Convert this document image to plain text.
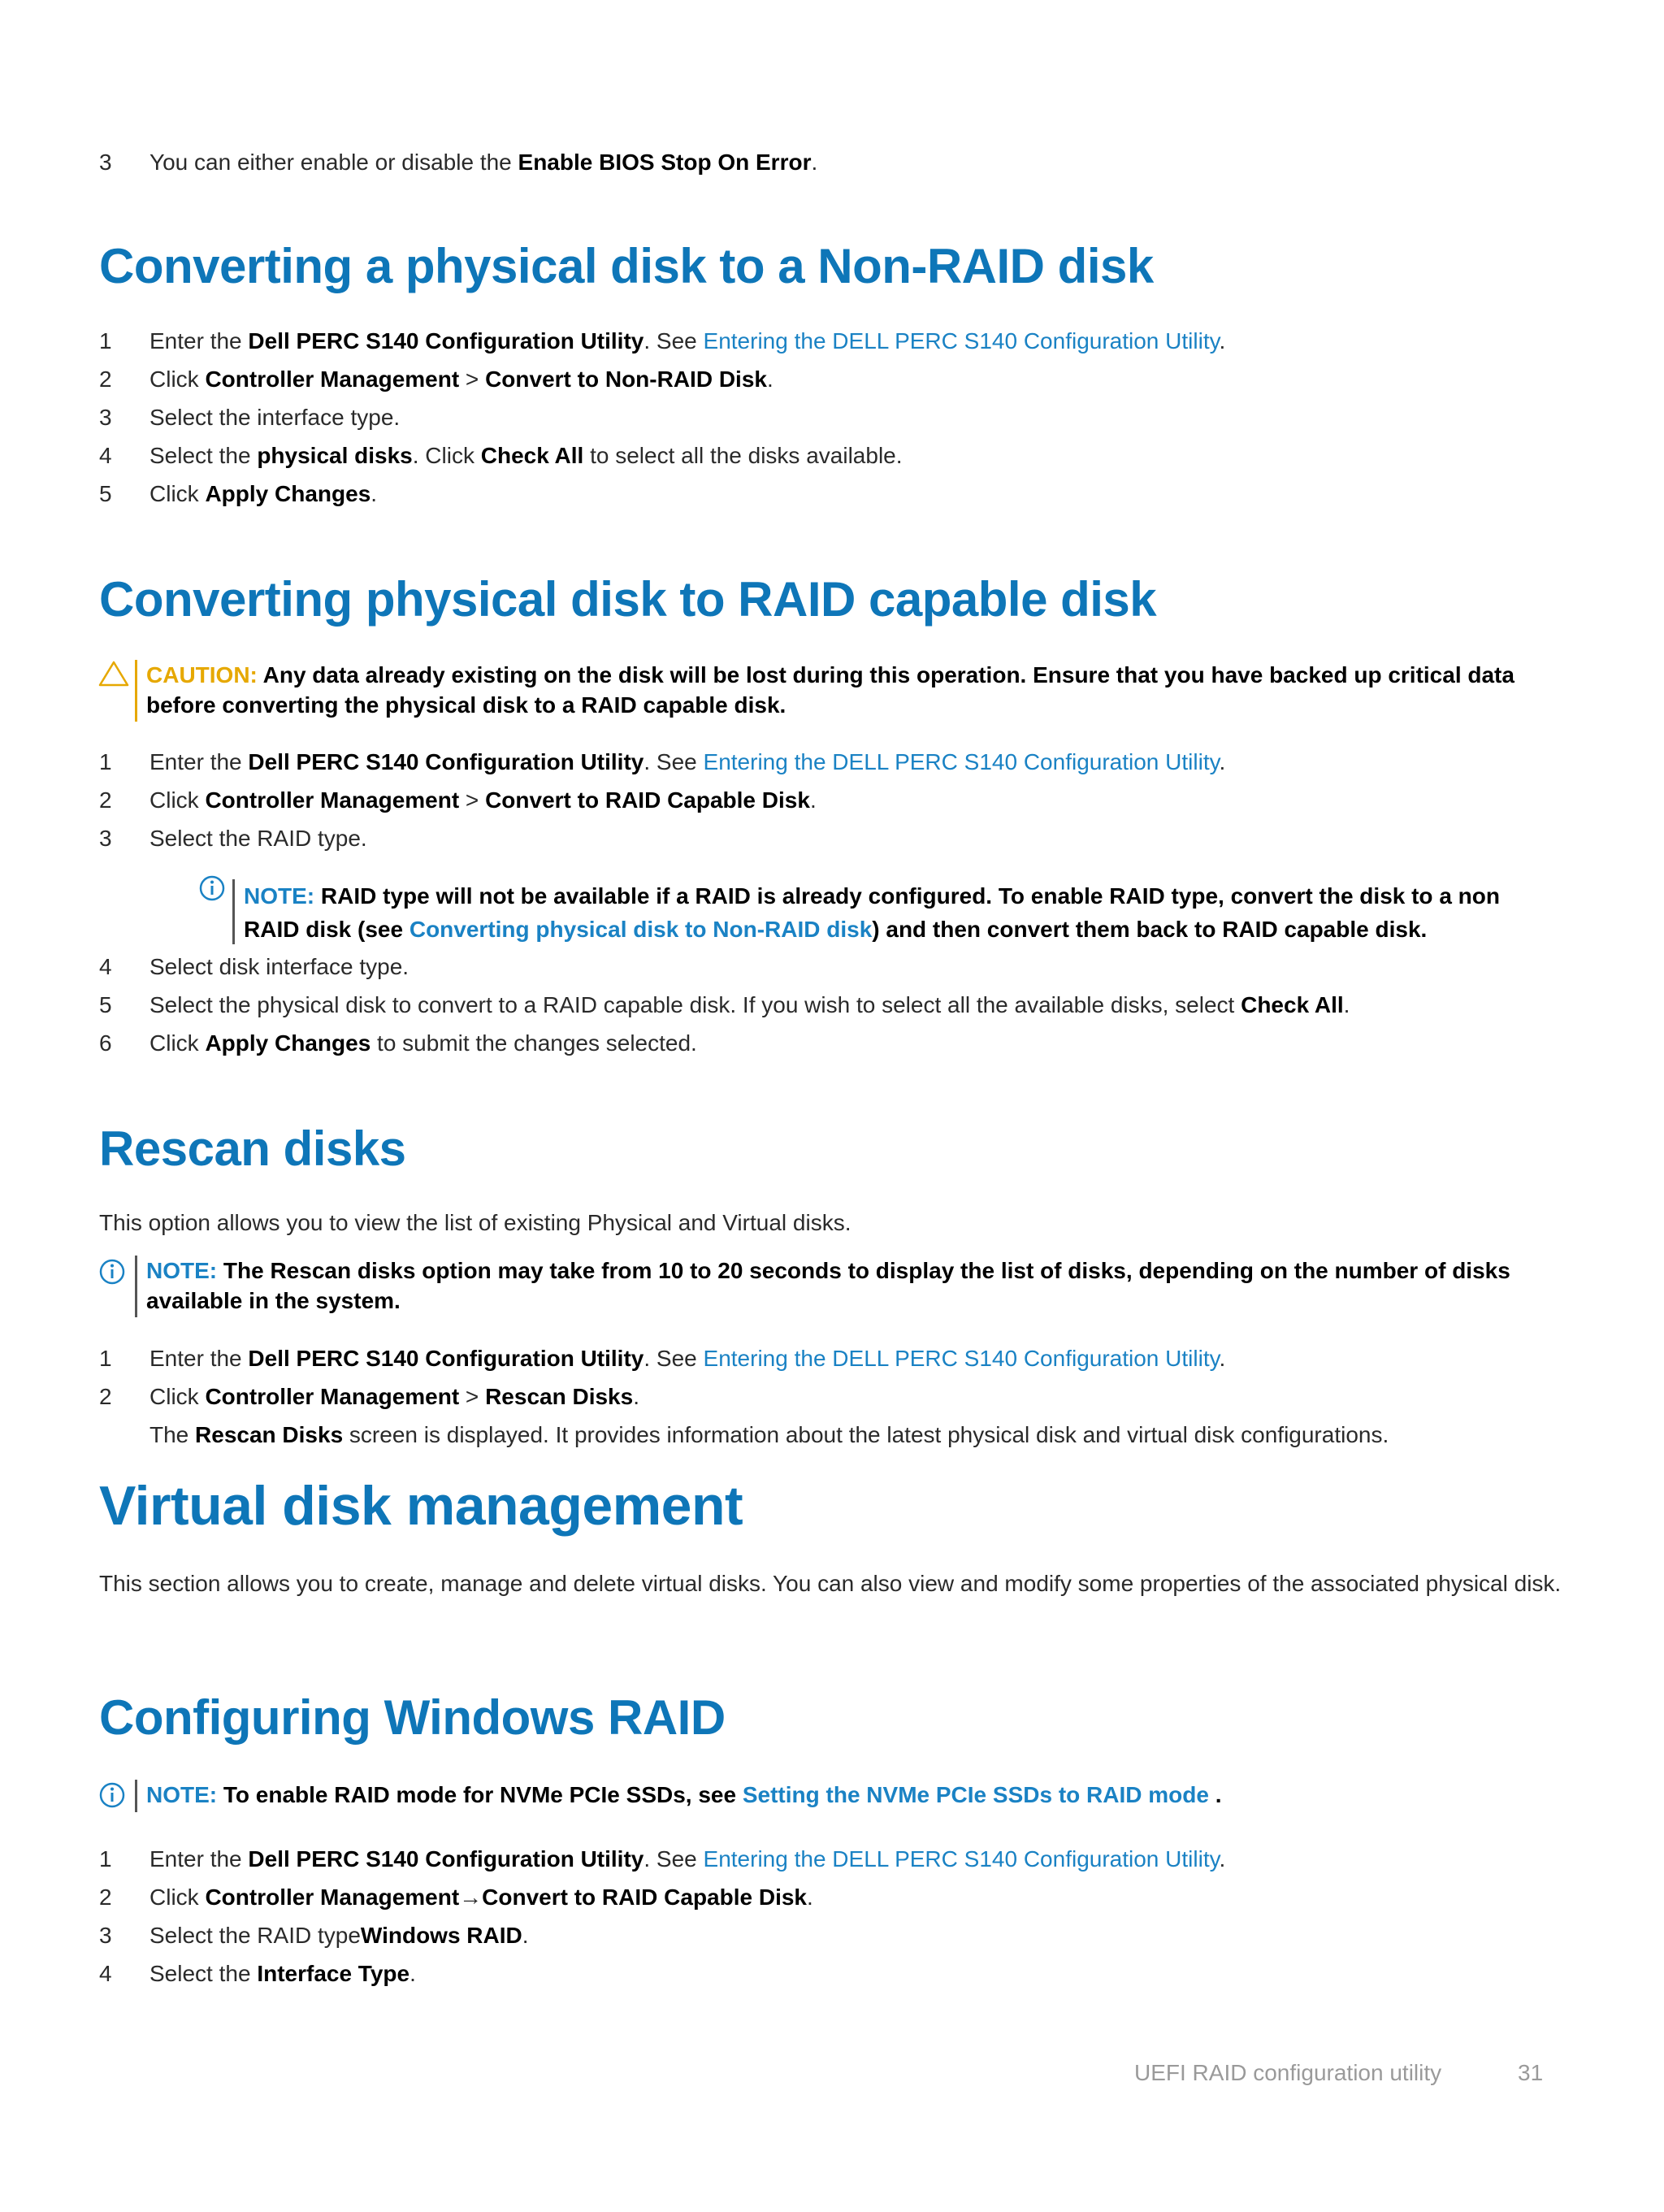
3 You can either enable or disable the Enable BIOS Stop On Error.
Converting a physical disk to a Non-RAID disk
1 Enter the Dell PERC S140 Configuration Utility. See Entering the DELL PERC S140 Configuration Utility.
2 Click Controller Management > Convert to Non-RAID Disk.
3 Select the interface type.
4 Select the physical disks. Click Check All to select all the disks available.
5 Click Apply Changes.
Converting physical disk to RAID capable disk
CAUTION: Any data already existing on the disk will be lost during this operation. Ensure that you have backed up critical data
before converting the physical disk to a RAID capable disk.
1 Enter the Dell PERC S140 Configuration Utility. See Entering the DELL PERC S140 Configuration Utility.
2 Click Controller Management > Convert to RAID Capable Disk.
3 Select the RAID type.
NOTE: RAID type will not be available if a RAID is already configured. To enable RAID type, convert the disk to a non
RAID disk (see Converting physical disk to Non-RAID disk) and then convert them back to RAID capable disk.
4 Select disk interface type.
5 Select the physical disk to convert to a RAID capable disk. If you wish to select all the available disks, select Check All.
6 Click Apply Changes to submit the changes selected.
Rescan disks
This option allows you to view the list of existing Physical and Virtual disks.
NOTE: The Rescan disks option may take from 10 to 20 seconds to display the list of disks, depending on the number of disks
available in the system.
1 Enter the Dell PERC S140 Configuration Utility. See Entering the DELL PERC S140 Configuration Utility.
2 Click Controller Management > Rescan Disks.
The Rescan Disks screen is displayed. It provides information about the latest physical disk and virtual disk configurations.
Virtual disk management
This section allows you to create, manage and delete virtual disks. You can also view and modify some properties of the associated physical disk.
Configuring Windows RAID
NOTE: To enable RAID mode for NVMe PCIe SSDs, see Setting the NVMe PCIe SSDs to RAID mode .
1 Enter the Dell PERC S140 Configuration Utility. See Entering the DELL PERC S140 Configuration Utility.
2 Click Controller Management→Convert to RAID Capable Disk.
3 Select the RAID typeWindows RAID.
4 Select the Interface Type.
UEFI RAID configuration utility	31
